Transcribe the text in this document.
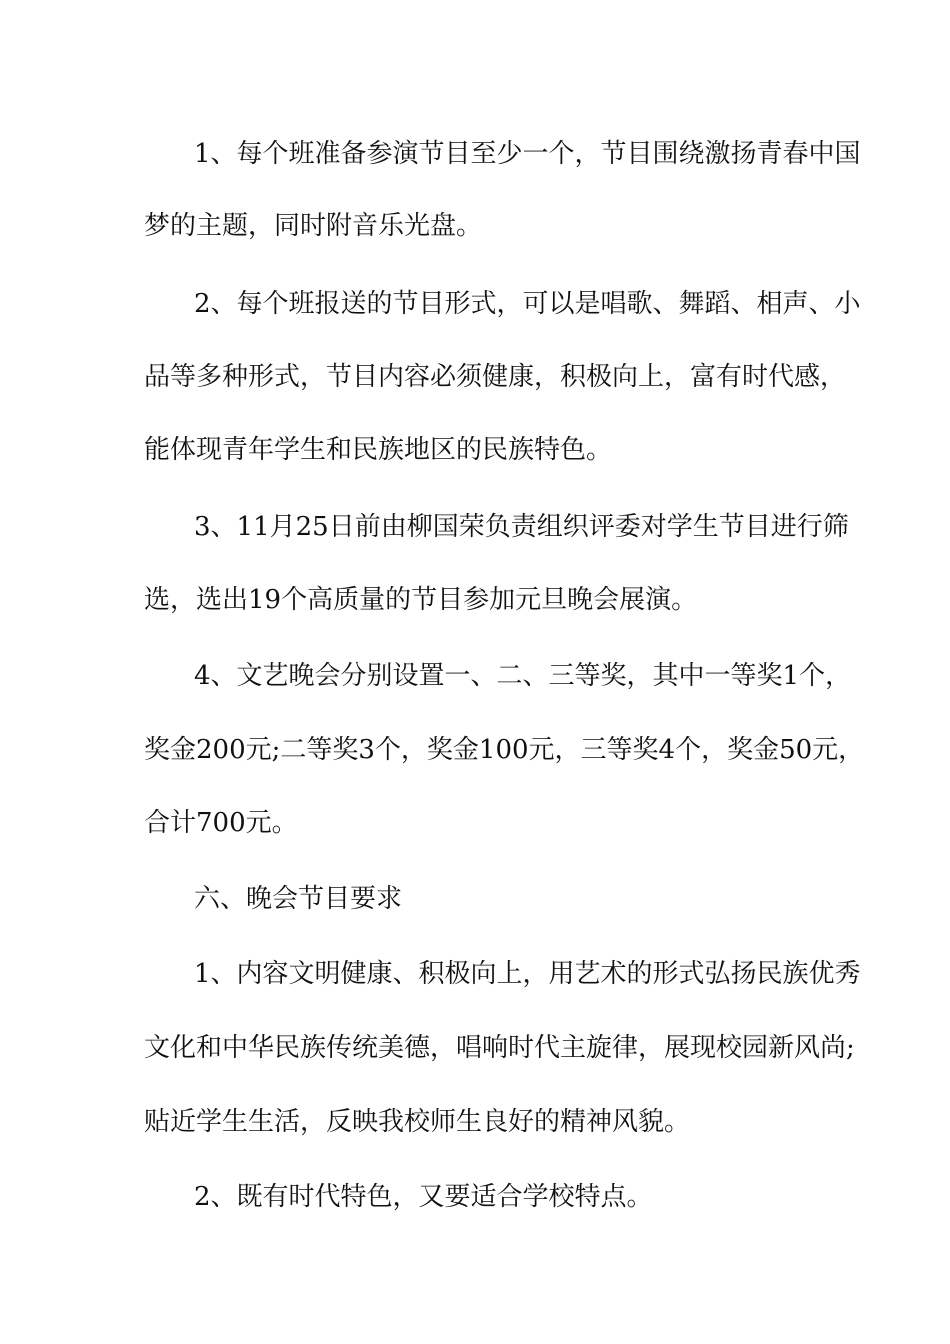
1、每个班准备参演节目至少一个，节目围绕激扬青春中国

梦的主题，同时附音乐光盘。

2、每个班报送的节目形式，可以是唱歌、舞蹈、相声、小

品等多种形式，节目内容必须健康，积极向上，富有时代感，

能体现青年学生和民族地区的民族特色。

3、11月25日前由柳国荣负责组织评委对学生节目进行筛

选，选出19个高质量的节目参加元旦晚会展演。

4、文艺晚会分别设置一、二、三等奖，其中一等奖1个，

奖金200元;二等奖3个，奖金100元，三等奖4个，奖金50元，

合计700元。

六、晚会节目要求

1、内容文明健康、积极向上，用艺术的形式弘扬民族优秀

文化和中华民族传统美德，唱响时代主旋律，展现校园新风尚;

贴近学生生活，反映我校师生良好的精神风貌。

2、既有时代特色，又要适合学校特点。
